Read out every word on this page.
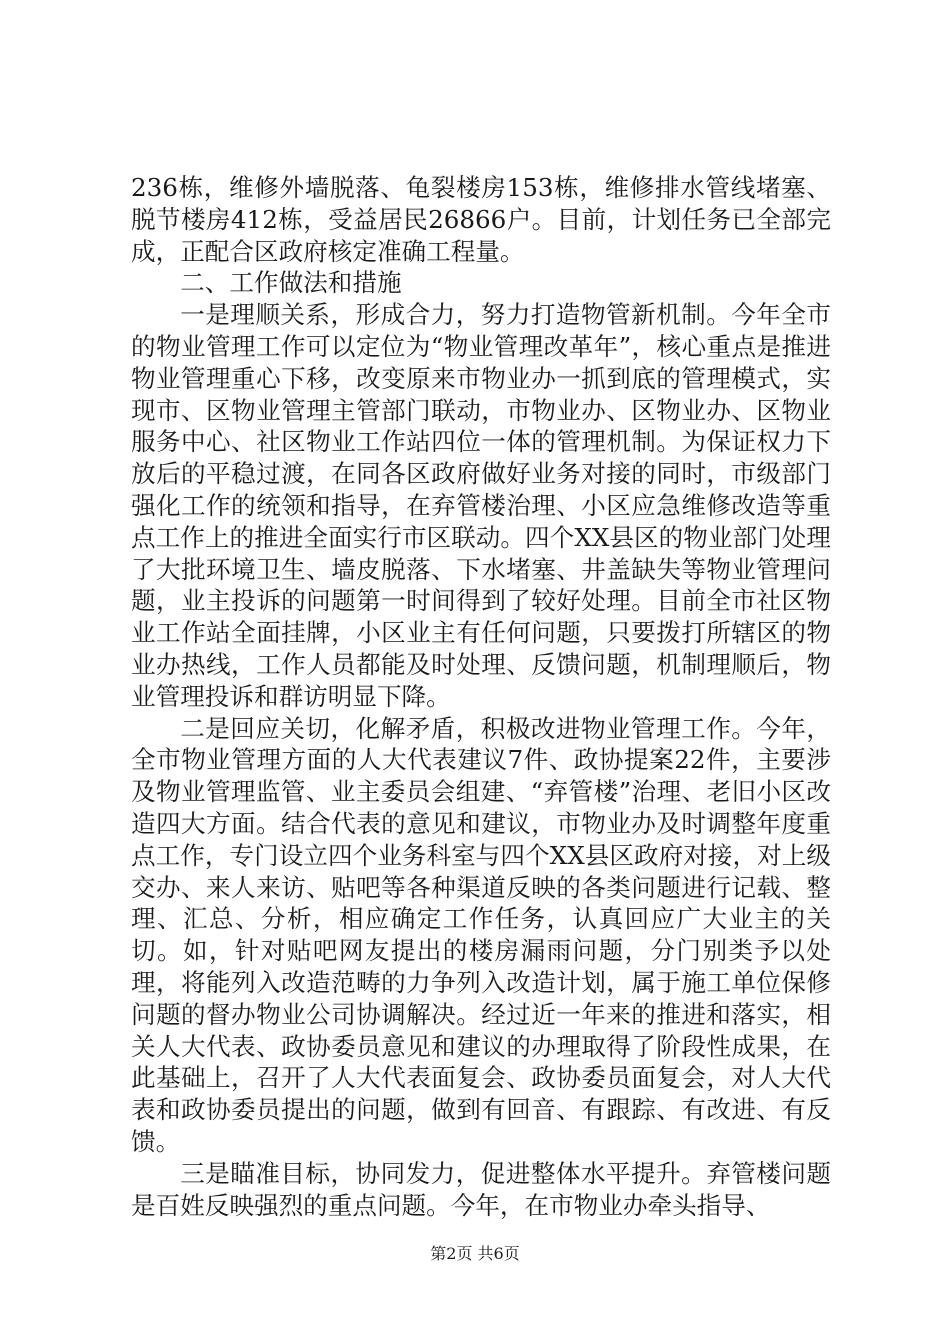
236栋，维修外墙脱落、龟裂楼房153栋，维修排水管线堵塞、脱节楼房412栋，受益居民26866户。目前，计划任务已全部完成，正配合区政府核定准确工程量。

二、工作做法和措施

一是理顺关系，形成合力，努力打造物管新机制。今年全市的物业管理工作可以定位为“物业管理改革年”，核心重点是推进物业管理重心下移，改变原来市物业办一抓到底的管理模式，实现市、区物业管理主管部门联动，市物业办、区物业办、区物业服务中心、社区物业工作站四位一体的管理机制。为保证权力下放后的平稳过渡，在同各区政府做好业务对接的同时，市级部门强化工作的统领和指导，在弃管楼治理、小区应急维修改造等重点工作上的推进全面实行市区联动。四个XX县区的物业部门处理了大批环境卫生、墙皮脱落、下水堵塞、井盖缺失等物业管理问题，业主投诉的问题第一时间得到了较好处理。目前全市社区物业工作站全面挂牌，小区业主有任何问题，只要拨打所辖区的物业办热线，工作人员都能及时处理、反馈问题，机制理顺后，物业管理投诉和群访明显下降。

二是回应关切，化解矛盾，积极改进物业管理工作。今年，全市物业管理方面的人大代表建议7件、政协提案22件，主要涉及物业管理监管、业主委员会组建、“弃管楼”治理、老旧小区改造四大方面。结合代表的意见和建议，市物业办及时调整年度重点工作，专门设立四个业务科室与四个XX县区政府对接，对上级交办、来人来访、贴吧等各种渠道反映的各类问题进行记载、整理、汇总、分析，相应确定工作任务，认真回应广大业主的关切。如，针对贴吧网友提出的楼房漏雨问题，分门别类予以处理，将能列入改造范畴的力争列入改造计划，属于施工单位保修问题的督办物业公司协调解决。经过近一年来的推进和落实，相关人大代表、政协委员意见和建议的办理取得了阶段性成果，在此基础上，召开了人大代表面复会、政协委员面复会，对人大代表和政协委员提出的问题，做到有回音、有跟踪、有改进、有反馈。

三是瞄准目标，协同发力，促进整体水平提升。弃管楼问题是百姓反映强烈的重点问题。今年，在市物业办牵头指导、

第2页 共6页
